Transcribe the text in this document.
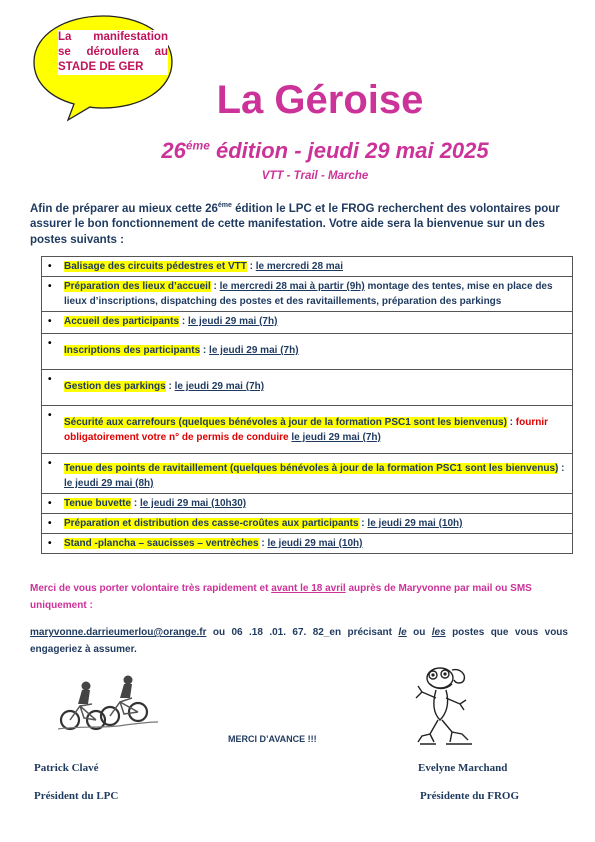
La manifestation
se déroulera au
STADE DE GER
La Géroise
$26^{éme}$ édition - jeudi 29 mai 2025
VTT - Trail - Marche
Afin de préparer au mieux cette $26^{éme}$ édition le LPC et le FROG recherchent des volontaires pour assurer le bon fonctionnement de cette manifestation. Votre aide sera la bienvenue sur un des postes suivants :
• Balisage des circuits pédestres et VTT : le mercredi 28 mai
• Préparation des lieux d’accueil : le mercredi 28 mai à partir (9h) montage des tentes, mise en place des lieux d’inscriptions, dispatching des postes et des ravitaillements, préparation des parkings
• Accueil des participants : le jeudi 29 mai (7h)
• Inscriptions des participants : le jeudi 29 mai (7h)
• Gestion des parkings : le jeudi 29 mai (7h)
• Sécurité aux carrefours (quelques bénévoles à jour de la formation PSC1 sont les bienvenus) : fournir obligatoirement votre n° de permis de conduire le jeudi 29 mai (7h)
• Tenue des points de ravitaillement (quelques bénévoles à jour de la formation PSC1 sont les bienvenus) : le jeudi 29 mai (8h)
• Tenue buvette : le jeudi 29 mai (10h30)
• Préparation et distribution des casse-croûtes aux participants : le jeudi 29 mai (10h)
• Stand -plancha – saucisses – ventrèches : le jeudi 29 mai (10h)
Merci de vous porter volontaire très rapidement et avant le 18 avril auprès de Maryvonne par mail ou SMS uniquement :
maryvonne.darrieumerlou@orange.fr ou 06 .18 .01. 67. 82_en précisant le ou les postes que vous vous engageriez à assumer.
MERCI D’AVANCE !!!
Patrick Clavé
Président du LPC
Evelyne Marchand
Présidente du FROG
